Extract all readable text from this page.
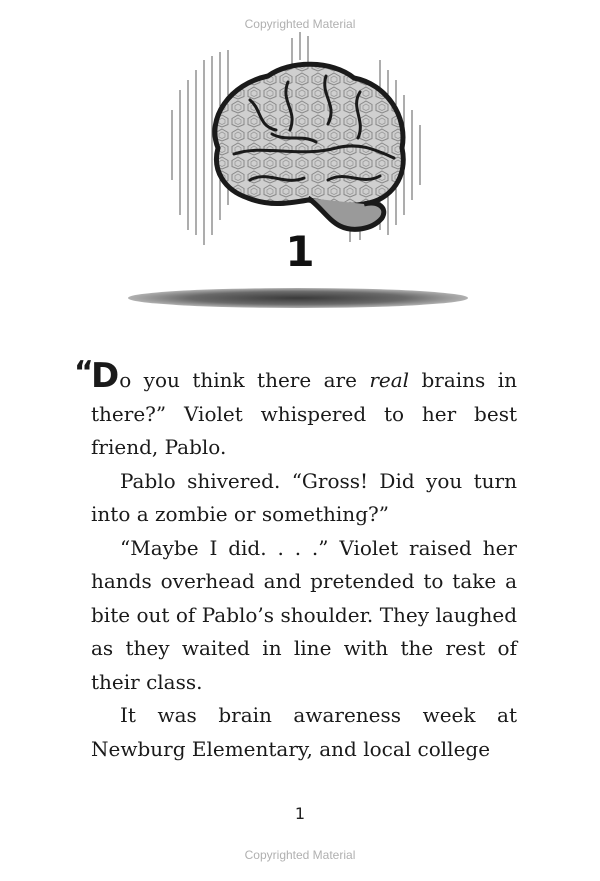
Copyrighted Material
1

“
Do you think there are real brains in there?” Violet whispered to her best friend, Pablo.

Pablo shivered. “Gross! Did you turn into a zombie or something?”

“Maybe I did. . . .” Violet raised her hands overhead and pretended to take a bite out of Pablo’s shoulder. They laughed as they waited in line with the rest of their class.

It was brain awareness week at Newburg Elementary, and local college

1
Copyrighted Material
